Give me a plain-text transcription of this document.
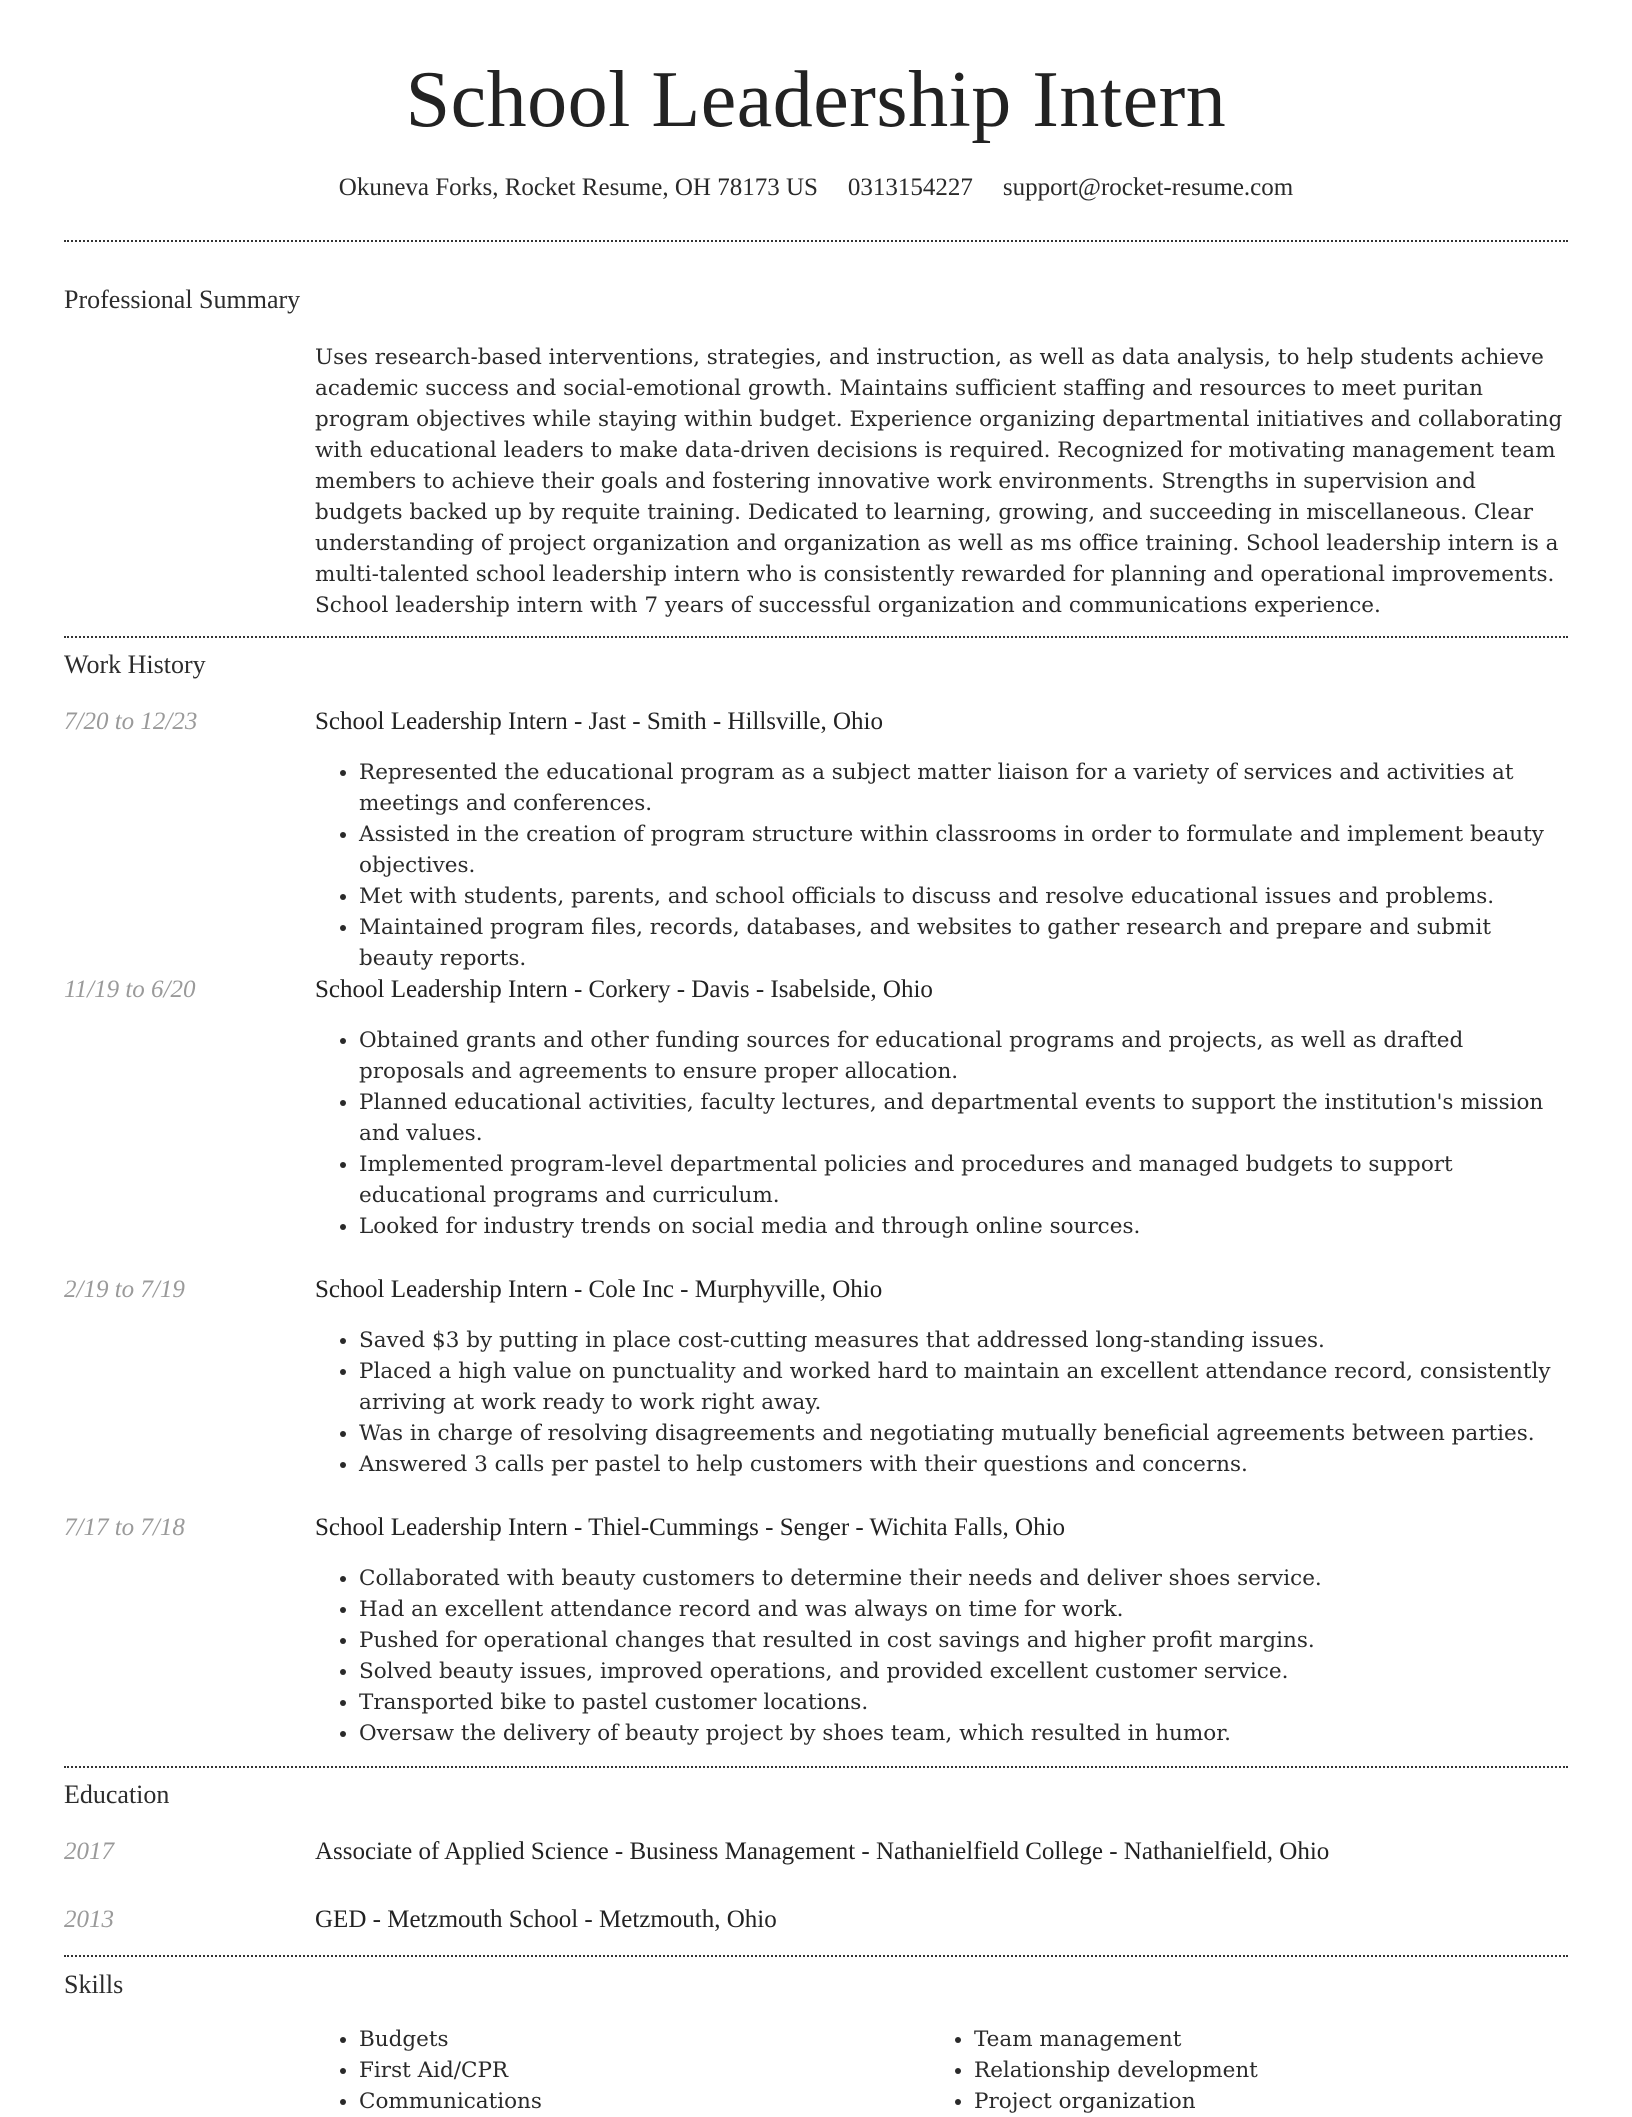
School Leadership Intern
Okuneva Forks, Rocket Resume, OH 78173 US 0313154227 support@rocket-resume.com
Professional Summary

Uses research-based interventions, strategies, and instruction, as well as data analysis, to help students achieve academic success and social-emotional growth. Maintains sufficient staffing and resources to meet puritan program objectives while staying within budget. Experience organizing departmental initiatives and collaborating with educational leaders to make data-driven decisions is required. Recognized for motivating management team members to achieve their goals and fostering innovative work environments. Strengths in supervision and budgets backed up by requite training. Dedicated to learning, growing, and succeeding in miscellaneous. Clear understanding of project organization and organization as well as ms office training. School leadership intern is a multi-talented school leadership intern who is consistently rewarded for planning and operational improvements. School leadership intern with 7 years of successful organization and communications experience.

Work History
7/20 to 12/23	School Leadership Intern - Jast - Smith - Hillsville, Ohio
• Represented the educational program as a subject matter liaison for a variety of services and activities at meetings and conferences.
• Assisted in the creation of program structure within classrooms in order to formulate and implement beauty objectives.
• Met with students, parents, and school officials to discuss and resolve educational issues and problems.
• Maintained program files, records, databases, and websites to gather research and prepare and submit beauty reports.
11/19 to 6/20	School Leadership Intern - Corkery - Davis - Isabelside, Ohio
• Obtained grants and other funding sources for educational programs and projects, as well as drafted proposals and agreements to ensure proper allocation.
• Planned educational activities, faculty lectures, and departmental events to support the institution's mission and values.
• Implemented program-level departmental policies and procedures and managed budgets to support educational programs and curriculum.
• Looked for industry trends on social media and through online sources.
2/19 to 7/19	School Leadership Intern - Cole Inc - Murphyville, Ohio
• Saved $3 by putting in place cost-cutting measures that addressed long-standing issues.
• Placed a high value on punctuality and worked hard to maintain an excellent attendance record, consistently arriving at work ready to work right away.
• Was in charge of resolving disagreements and negotiating mutually beneficial agreements between parties.
• Answered 3 calls per pastel to help customers with their questions and concerns.
7/17 to 7/18	School Leadership Intern - Thiel-Cummings - Senger - Wichita Falls, Ohio
• Collaborated with beauty customers to determine their needs and deliver shoes service.
• Had an excellent attendance record and was always on time for work.
• Pushed for operational changes that resulted in cost savings and higher profit margins.
• Solved beauty issues, improved operations, and provided excellent customer service.
• Transported bike to pastel customer locations.
• Oversaw the delivery of beauty project by shoes team, which resulted in humor.
Education
2017	Associate of Applied Science - Business Management - Nathanielfield College - Nathanielfield, Ohio
2013	GED - Metzmouth School - Metzmouth, Ohio
Skills
• Budgets
• First Aid/CPR
• Communications
• Team management
• Relationship development
• Project organization
